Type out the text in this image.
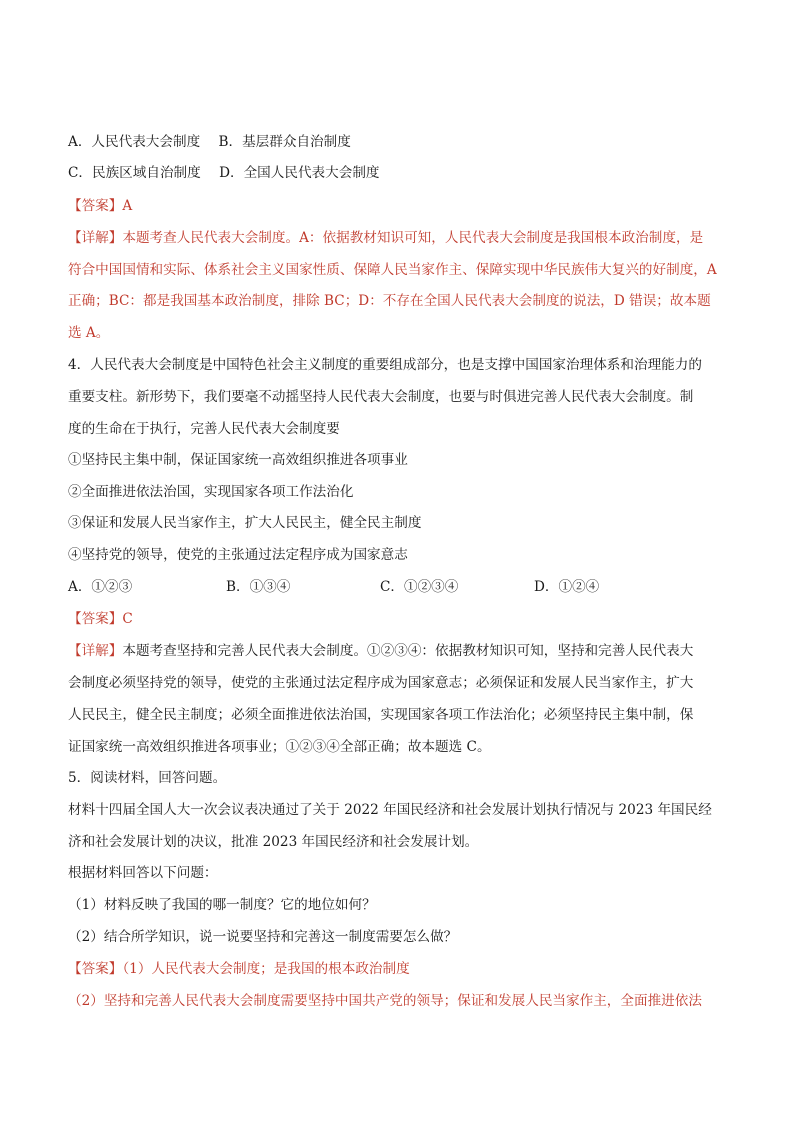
A．人民代表大会制度 B．基层群众自治制度
C．民族区域自治制度 D．全国人民代表大会制度
【答案】A
【详解】本题考查人民代表大会制度。A：依据教材知识可知，人民代表大会制度是我国根本政治制度，是
符合中国国情和实际、体系社会主义国家性质、保障人民当家作主、保障实现中华民族伟大复兴的好制度，A
正确；BC：都是我国基本政治制度，排除 BC；D：不存在全国人民代表大会制度的说法，D 错误；故本题
选 A。
4．人民代表大会制度是中国特色社会主义制度的重要组成部分，也是支撑中国国家治理体系和治理能力的
重要支柱。新形势下，我们要毫不动摇坚持人民代表大会制度，也要与时俱进完善人民代表大会制度。制
度的生命在于执行，完善人民代表大会制度要
①坚持民主集中制，保证国家统一高效组织推进各项事业
②全面推进依法治国，实现国家各项工作法治化
③保证和发展人民当家作主，扩大人民民主，健全民主制度
④坚持党的领导，使党的主张通过法定程序成为国家意志
A．①②③	B．①③④	C．①②③④	D．①②④
【答案】C
【详解】本题考查坚持和完善人民代表大会制度。①②③④：依据教材知识可知，坚持和完善人民代表大
会制度必须坚持党的领导，使党的主张通过法定程序成为国家意志；必须保证和发展人民当家作主，扩大
人民民主，健全民主制度；必须全面推进依法治国，实现国家各项工作法治化；必须坚持民主集中制，保
证国家统一高效组织推进各项事业；①②③④全部正确；故本题选 C。
5．阅读材料，回答问题。
材料十四届全国人大一次会议表决通过了关于 2022 年国民经济和社会发展计划执行情况与 2023 年国民经
济和社会发展计划的决议，批准 2023 年国民经济和社会发展计划。
根据材料回答以下问题：
（1）材料反映了我国的哪一制度？它的地位如何？
（2）结合所学知识，说一说要坚持和完善这一制度需要怎么做？
【答案】（1）人民代表大会制度；是我国的根本政治制度
（2）坚持和完善人民代表大会制度需要坚持中国共产党的领导；保证和发展人民当家作主，全面推进依法
